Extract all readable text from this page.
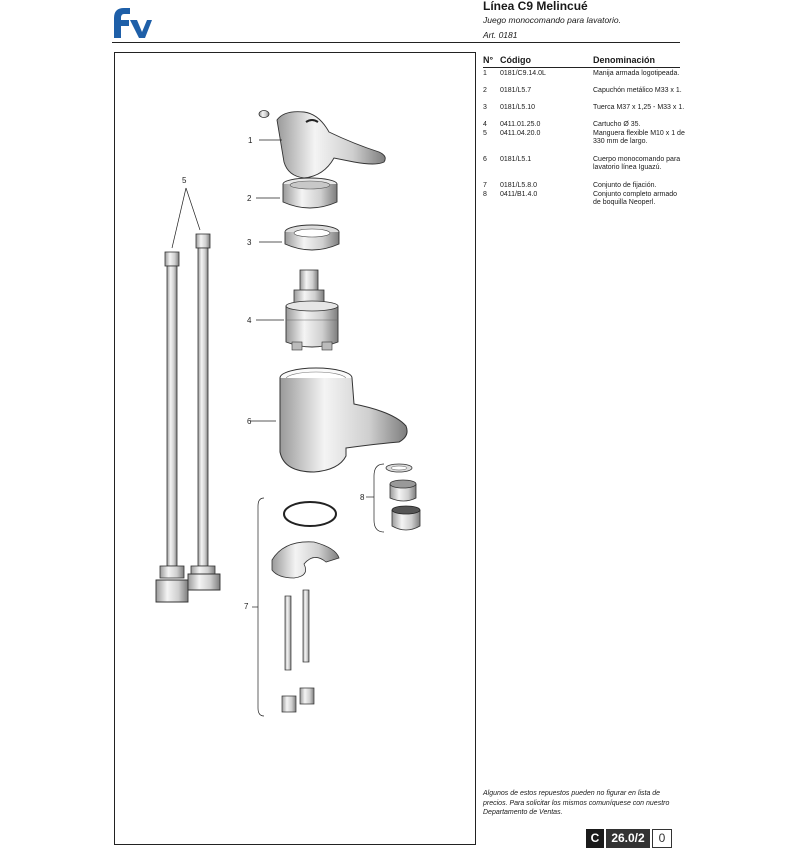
Línea C9 Melincué
Juego monocomando para lavatorio.
Art. 0181
1
2
3
4
6
5
8
7
N° Código	Denominación
1 0181/C9.14.0L	Manija armada logotipeada.
2 0181/L5.7	Capuchón metálico M33 x 1.
3 0181/L5.10	Tuerca M37 x 1,25 - M33 x 1.
4 0411.01.25.0	Cartucho Ø 35.
5 0411.04.20.0	Manguera flexible M10 x 1 de 330 mm de largo.
6 0181/L5.1	Cuerpo monocomando para lavatorio línea Iguazú.
7 0181/L5.8.0	Conjunto de fijación.
8 0411/B1.4.0	Conjunto completo armado de boquilla Neoperl.
Algunos de estos repuestos pueden no figurar en lista de precios. Para solicitar los mismos comuníquese con nuestro Departamento de Ventas.
C 26.0/2	0
